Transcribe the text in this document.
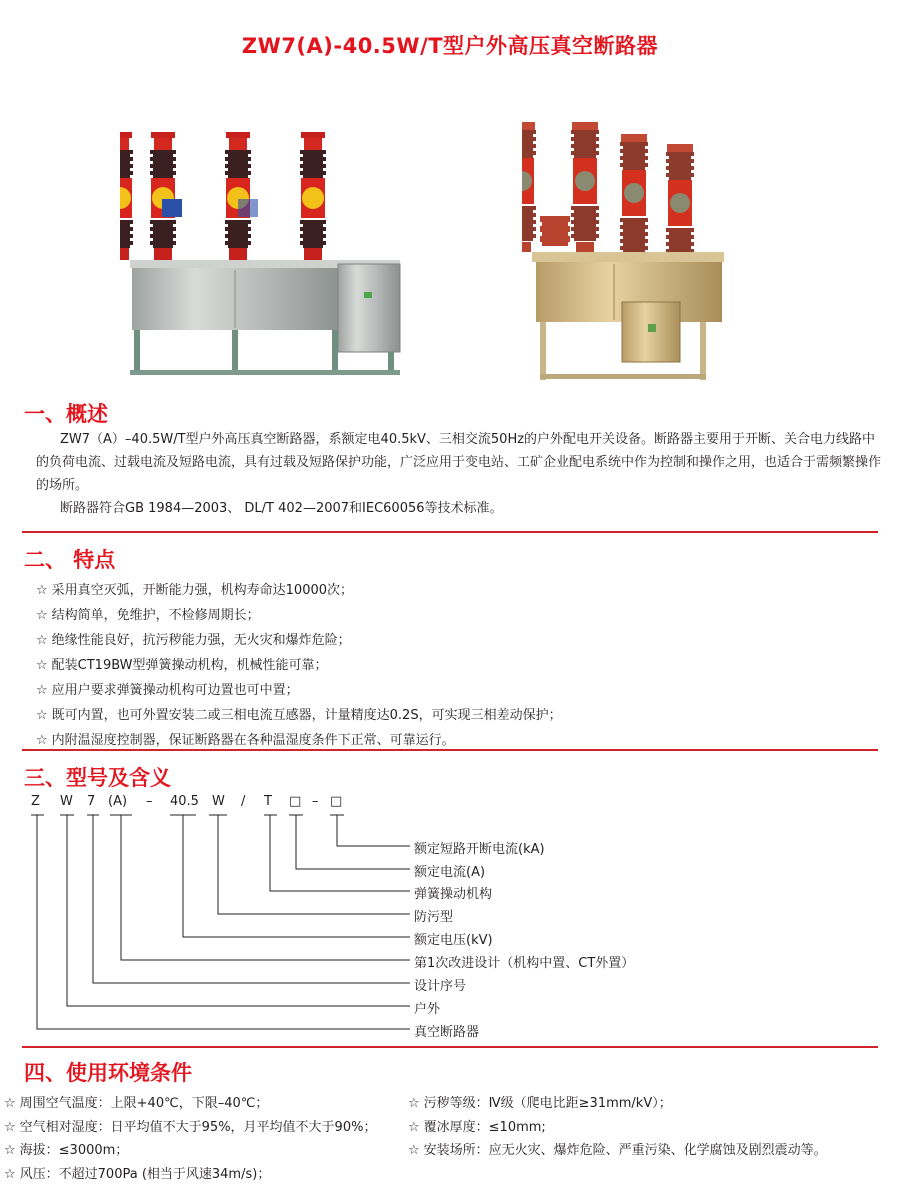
ZW7(A)-40.5W/T型户外高压真空断路器
一、概述

ZW7（A）–40.5W/T型户外高压真空断路器，系额定电40.5kV、三相交流50Hz的户外配电开关设备。断路器主要用于开断、关合电力线路中的负荷电流、过载电流及短路电流，具有过载及短路保护功能，广泛应用于变电站、工矿企业配电系统中作为控制和操作之用，也适合于需频繁操作的场所。

断路器符合GB 1984—2003、 DL/T 402—2007和IEC60056等技术标准。

二、 特点
☆ 采用真空灭弧，开断能力强，机构寿命达10000次；
☆ 结构简单，免维护，不检修周期长；
☆ 绝缘性能良好，抗污秽能力强，无火灾和爆炸危险；
☆ 配装CT19BW型弹簧操动机构，机械性能可靠；
☆ 应用户要求弹簧操动机构可边置也可中置；
☆ 既可内置，也可外置安装二或三相电流互感器，计量精度达0.2S，可实现三相差动保护；
☆ 内附温湿度控制器，保证断路器在各种温湿度条件下正常、可靠运行。
三、型号及含义
Z W 7 (A) – 40.5 W / T □ – □
额定短路开断电流(kA)
额定电流(A)
弹簧操动机构
防污型
额定电压(kV)
第1次改进设计（机构中置、CT外置）
设计序号
户外
真空断路器
四、使用环境条件
☆ 周围空气温度：上限+40℃，下限–40℃；
☆ 空气相对湿度：日平均值不大于95%，月平均值不大于90%；
☆ 海拔：≤3000m；
☆ 风压：不超过700Pa (相当于风速34m/s)；
☆ 污秽等级：Ⅳ级（爬电比距≥31mm/kV）；
☆ 覆冰厚度：≤10mm;
☆ 安装场所：应无火灾、爆炸危险、严重污染、化学腐蚀及剧烈震动等。
